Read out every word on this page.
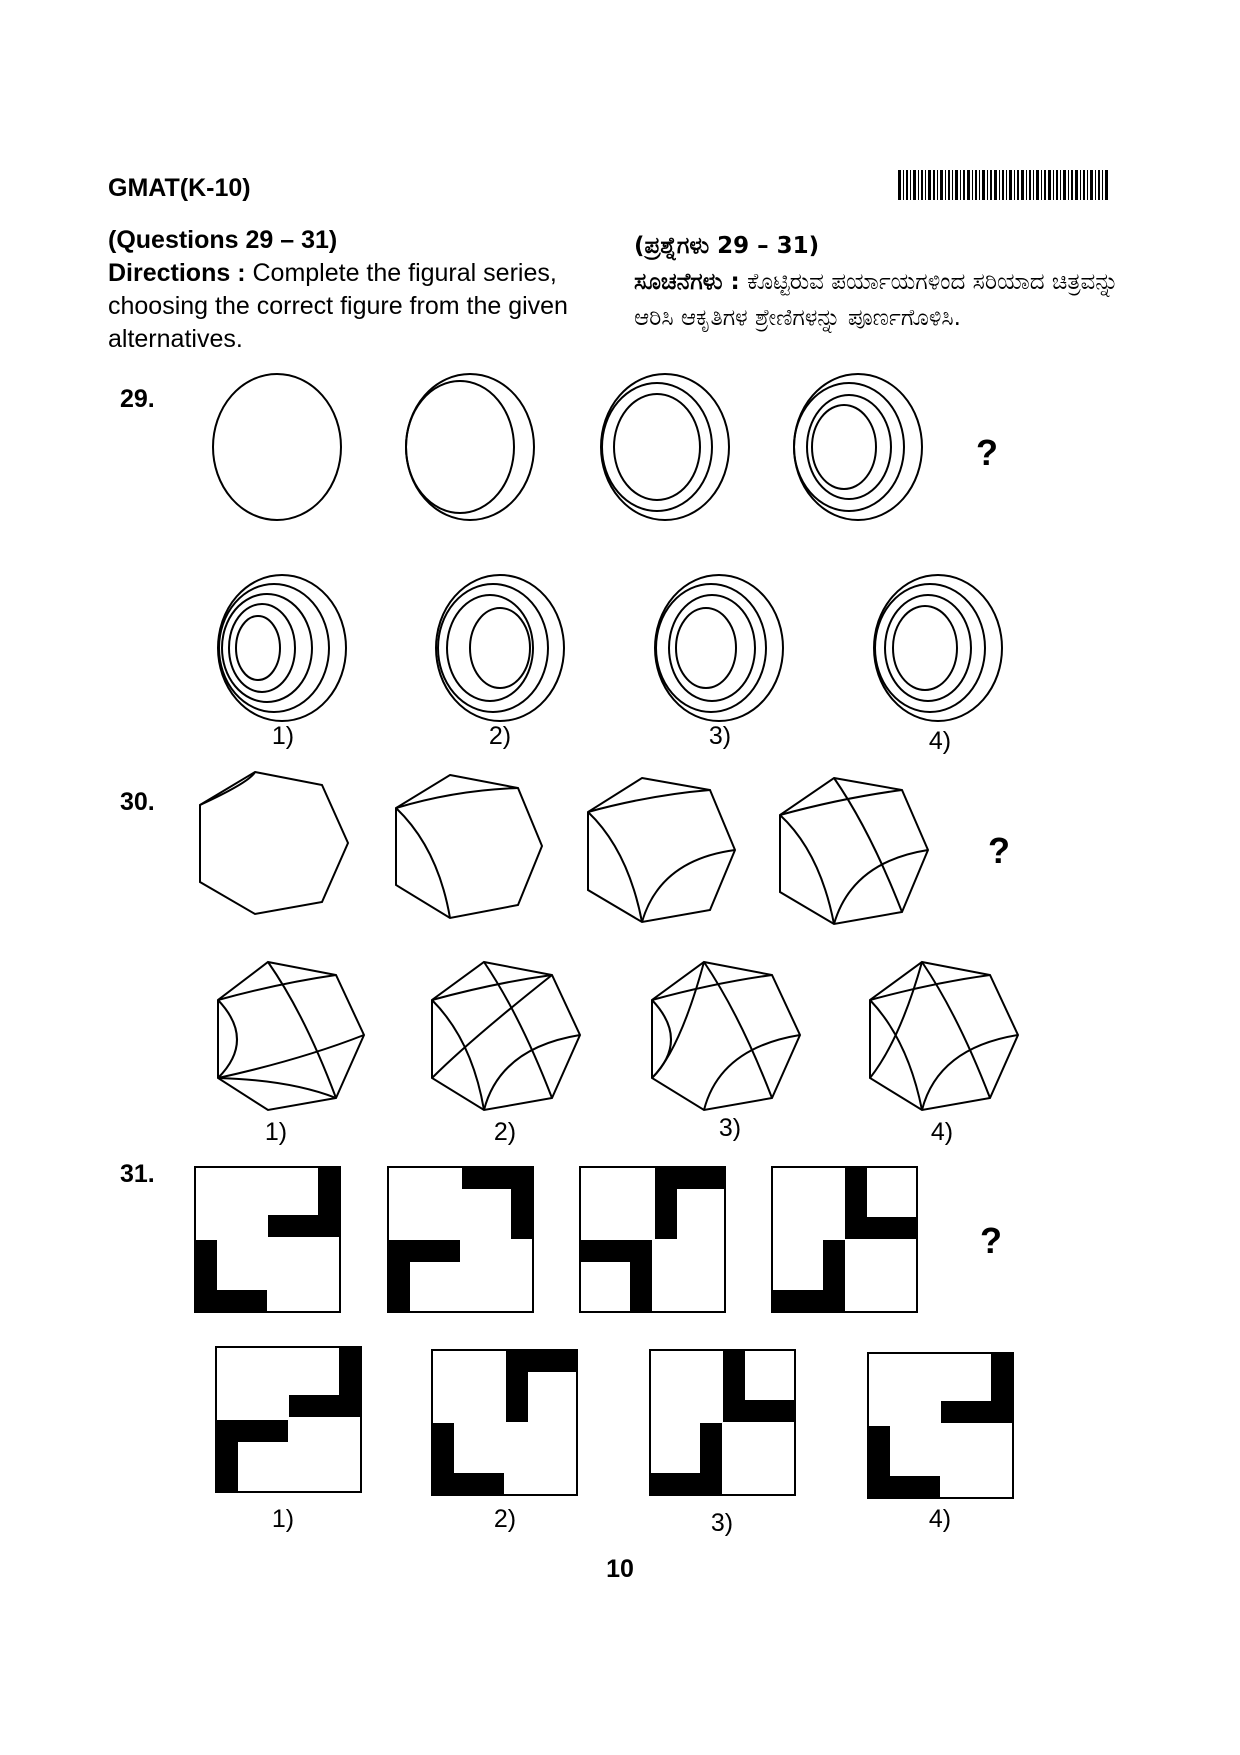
GMAT(K-10)
(Questions 29 – 31)
Directions : Complete the figural series, choosing the correct figure from the given alternatives.
(ಪ್ರಶ್ನೆಗಳು 29 – 31)
ಸೂಚನೆಗಳು : ಕೊಟ್ಟಿರುವ ಪರ್ಯಾಯಗಳಿಂದ ಸರಿಯಾದ ಚಿತ್ರವನ್ನು ಆರಿಸಿ ಆಕೃತಿಗಳ ಶ್ರೇಣಿಗಳನ್ನು ಪೂರ್ಣಗೊಳಿಸಿ.
29.
?
1)	2)	3)	4)
30.
?
1)	2)	3)	4)
31.
?
1)	2)	3)	4)
10
